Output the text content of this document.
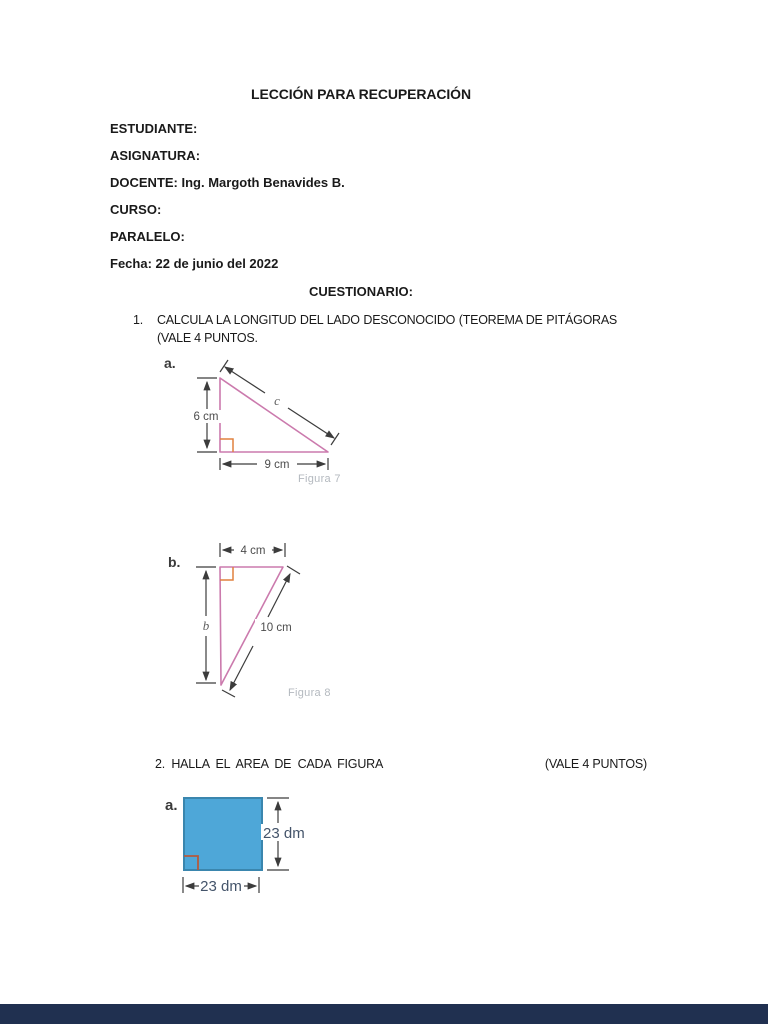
LECCIÓN PARA RECUPERACIÓN
ESTUDIANTE:
ASIGNATURA:
DOCENTE: Ing. Margoth Benavides B.
CURSO:
PARALELO:
Fecha: 22 de junio del 2022
CUESTIONARIO:
1. CALCULA LA LONGITUD DEL LADO DESCONOCIDO (TEOREMA DE PITÁGORAS (VALE 4 PUNTOS.
a.
6 cm
c
9 cm
Figura 7
b.
4 cm
b	10 cm
Figura 8
2. HALLA EL AREA DE CADA FIGURA	(VALE 4 PUNTOS)
a.
23 dm
23 dm
